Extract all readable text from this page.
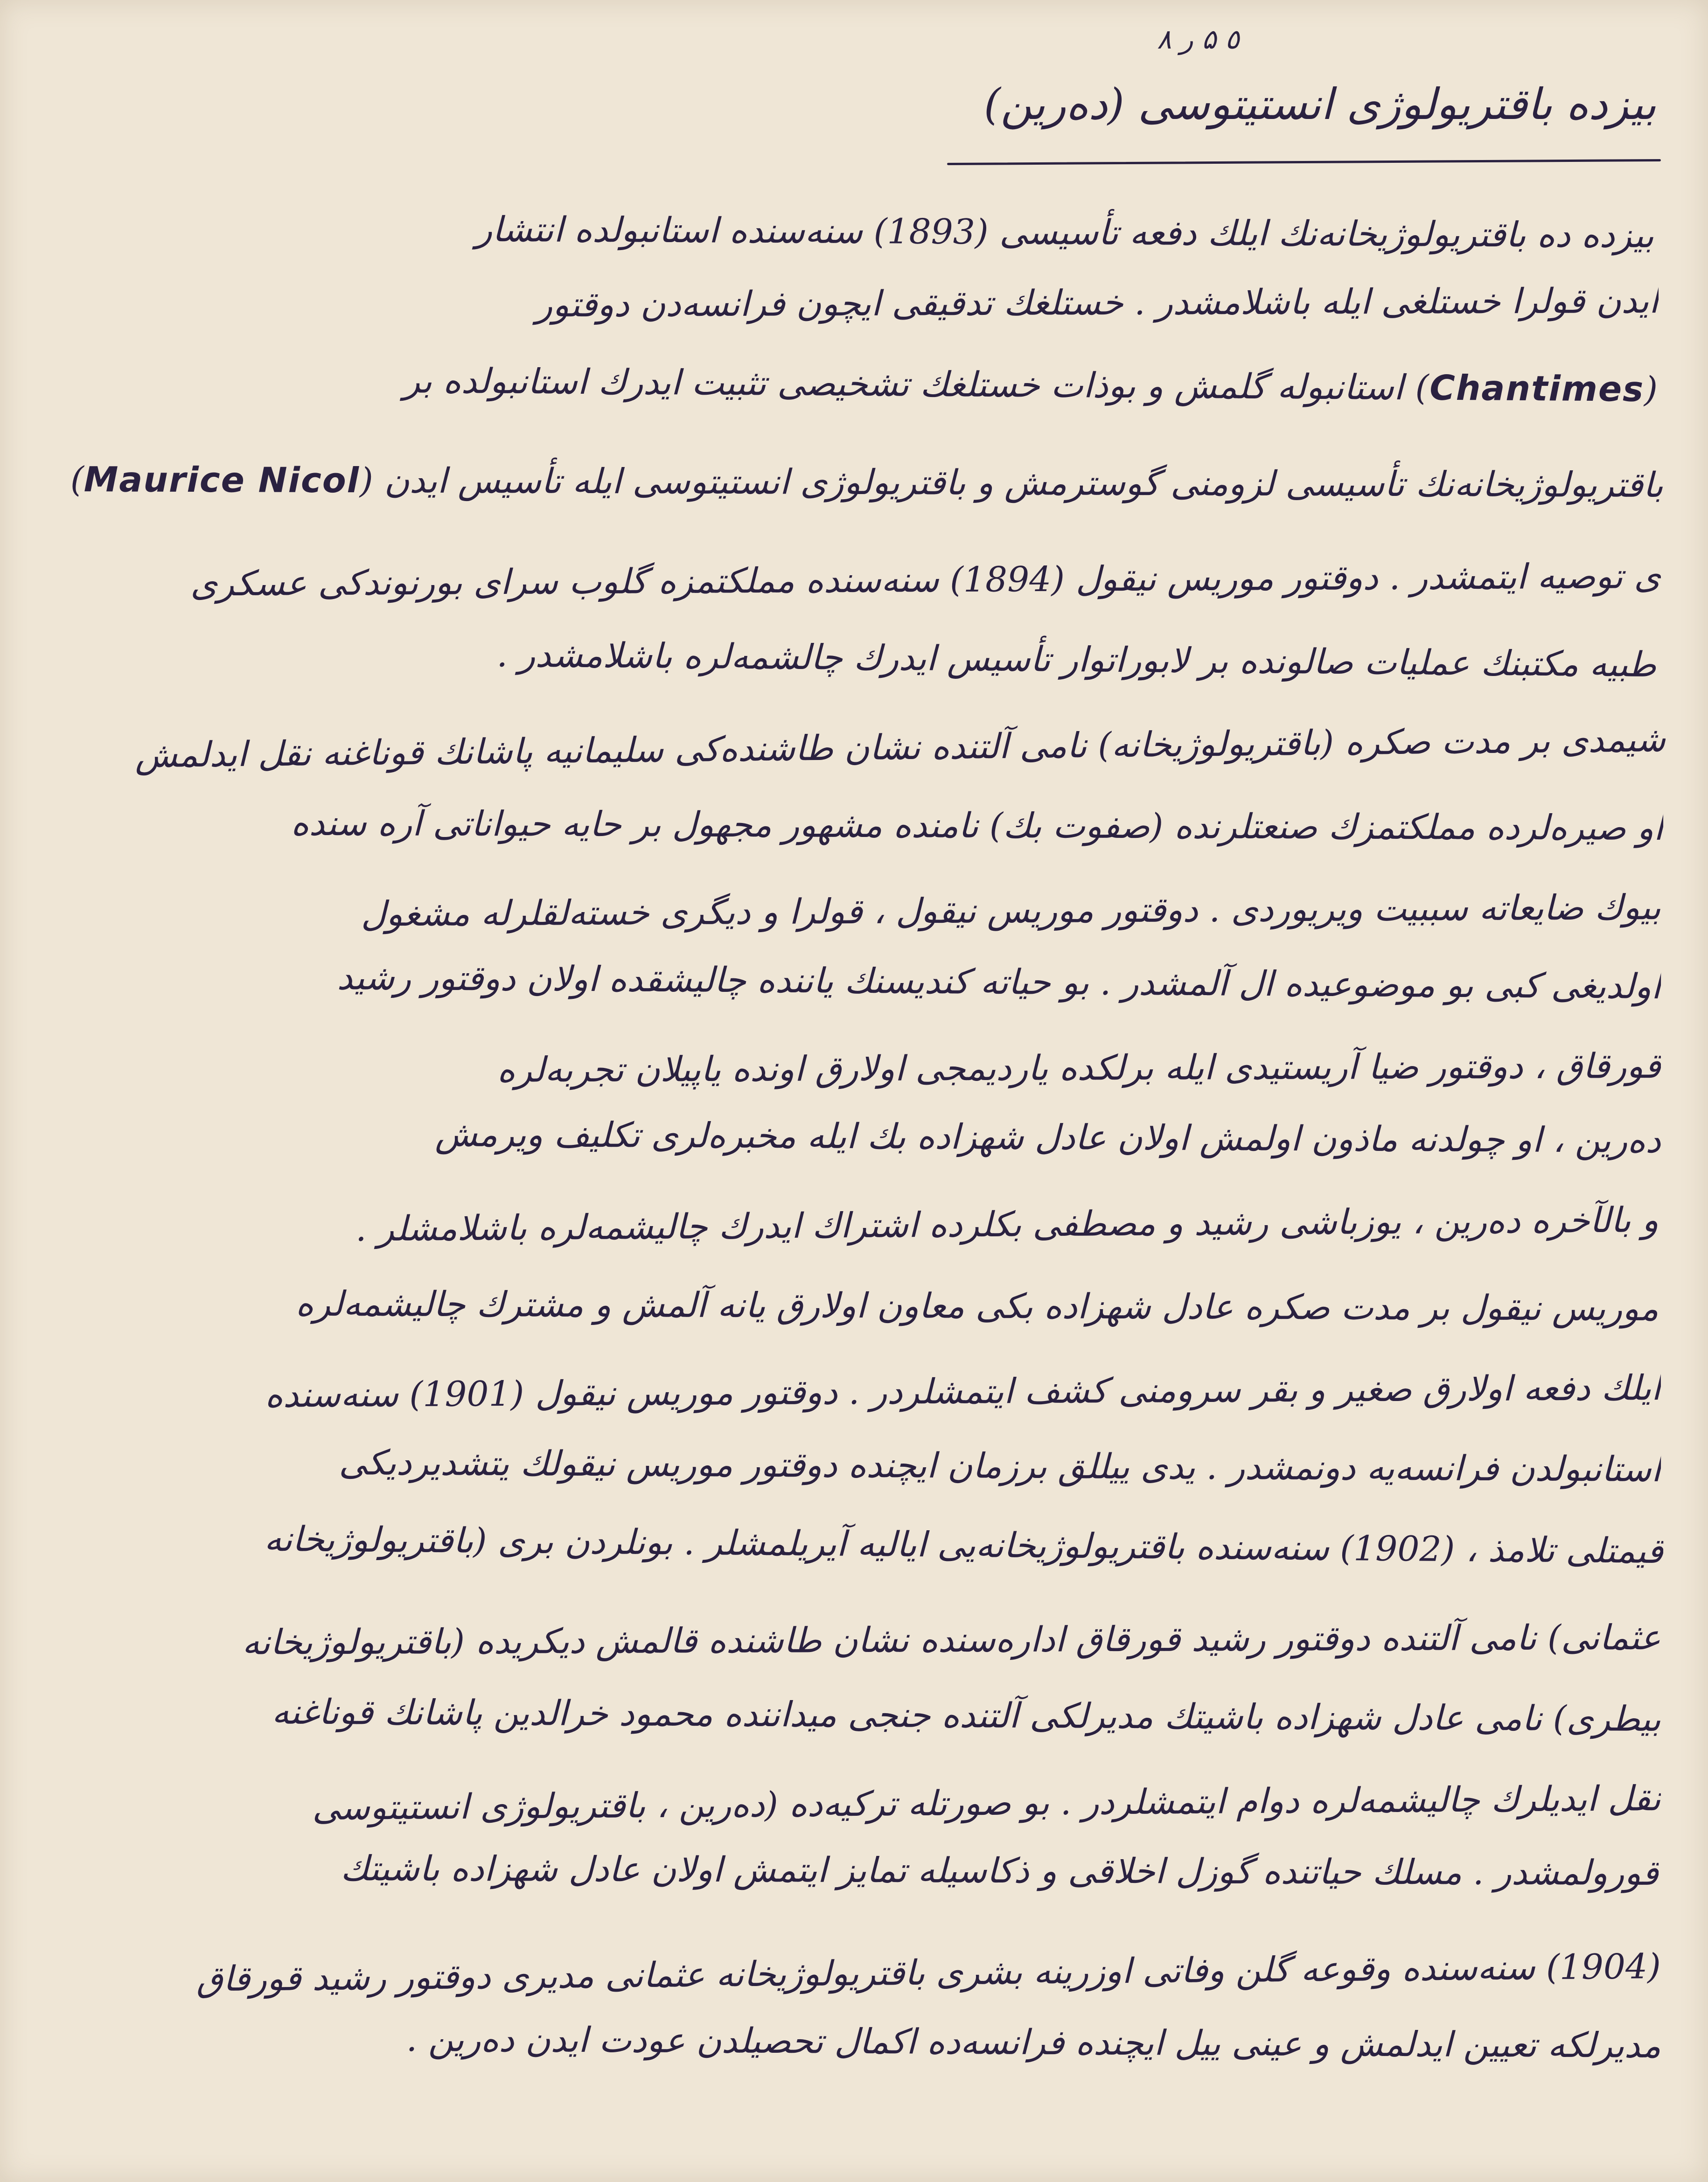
٥ ۵ ر ٨
بیزده باقتریولوژی انستیتوسی (ده‌ر‌ین)
بیزده ده باقتریولوژیخانه‌نك ایلك دفعه تأسیسی (1893) سنه‌سنده استانبولده انتشار
ایدن قولرا خستلغی ایله باشلامشدر . خستلغك تدقیقی ایچون فرانسه‌دن دوقتور
(Chantimes) استانبوله گلمش و بوذات خستلغك تشخیصی تثبیت ایدرك استانبولده بر
باقتریولوژیخانه‌نك تأسیسی لزومنی گوسترمش و باقتریولوژی انستیتوسی ایله تأسیس ایدن (Maurice Nicol)
ی توصیه ایتمشدر . دوقتور موریس نیقول (1894) سنه‌سنده مملکتمزه گلوب سرای بورنوندکی عسکری
طبیه مکتبنك عملیات صالونده بر لابوراتوار تأسیس ایدرك چالشمه‌لره باشلامشدر .
شیمدی بر مدت صکره (باقتریولوژیخانه) نامی آلتنده نشان طاشنده‌کی سلیمانیه پاشانك قوناغنه نقل ایدلمش
او صیره‌لرده مملکتمزك صنعتلرنده (صفوت بك) نامنده مشهور مجهول بر حایه حیواناتی آره سنده
بیوك ضایعاته سببیت ویریوردی . دوقتور موریس نیقول ، قولرا و دیگری خسته‌لقلرله مشغول
اولدیغی کبی بو موضوعیده ال آلمشدر . بو حیاته کندیسنك یاننده چالیشقده اولان دوقتور رشید
قورقاق ، دوقتور ضیا آریستیدی ایله برلکده یاردیمجی اولارق اونده یاپیلان تجربه‌لره
ده‌ر‌ین ، او چولدنه ماذون اولمش اولان عادل شهزاده بك ایله مخبره‌لری تکلیف ویرمش
و بالآخره ده‌ر‌ین ، یوزباشی رشید و مصطفی بکلرده اشتراك ایدرك چالیشمه‌لره باشلامشلر .
موریس نیقول بر مدت صکره عادل شهزاده بکی معاون اولارق یانه آلمش و مشترك چالیشمه‌لره
ایلك دفعه اولارق صغیر و بقر سرومنی کشف ایتمشلردر . دوقتور موریس نیقول (1901) سنه‌سنده
استانبولدن فرانسه‌یه دونمشدر . یدی ییللق برزمان ایچنده دوقتور موریس نیقولك یتشدیردیکی
قیمتلی تلامذ ، (1902) سنه‌سنده باقتریولوژیخانه‌یی ایالیه آیریلمشلر . بونلردن بری (باقتریولوژیخانه
عثمانی) نامی آلتنده دوقتور رشید قورقاق اداره‌سنده نشان طاشنده قالمش دیکریده (باقتریولوژیخانه
بیطری) نامی عادل شهزاده باشیتك مدیرلکی آلتنده جنجی میداننده محمود خرالدین پاشانك قوناغنه
نقل ایدیلرك چالیشمه‌لره دوام ایتمشلردر . بو صورتله ترکیه‌ده (ده‌ر‌ین ، باقتریولوژی انستیتوسی
قورولمشدر . مسلك حیاتنده گوزل اخلاقی و ذکاسیله تمایز ایتمش اولان عادل شهزاده باشیتك
(1904) سنه‌سنده وقوعه گلن وفاتی اوزرینه بشری باقتریولوژیخانه عثمانی مدیری دوقتور رشید قورقاق
مدیرلکه تعیین ایدلمش و عینی ییل ایچنده فرانسه‌ده اکمال تحصیلدن عودت ایدن ده‌ر‌ین .
